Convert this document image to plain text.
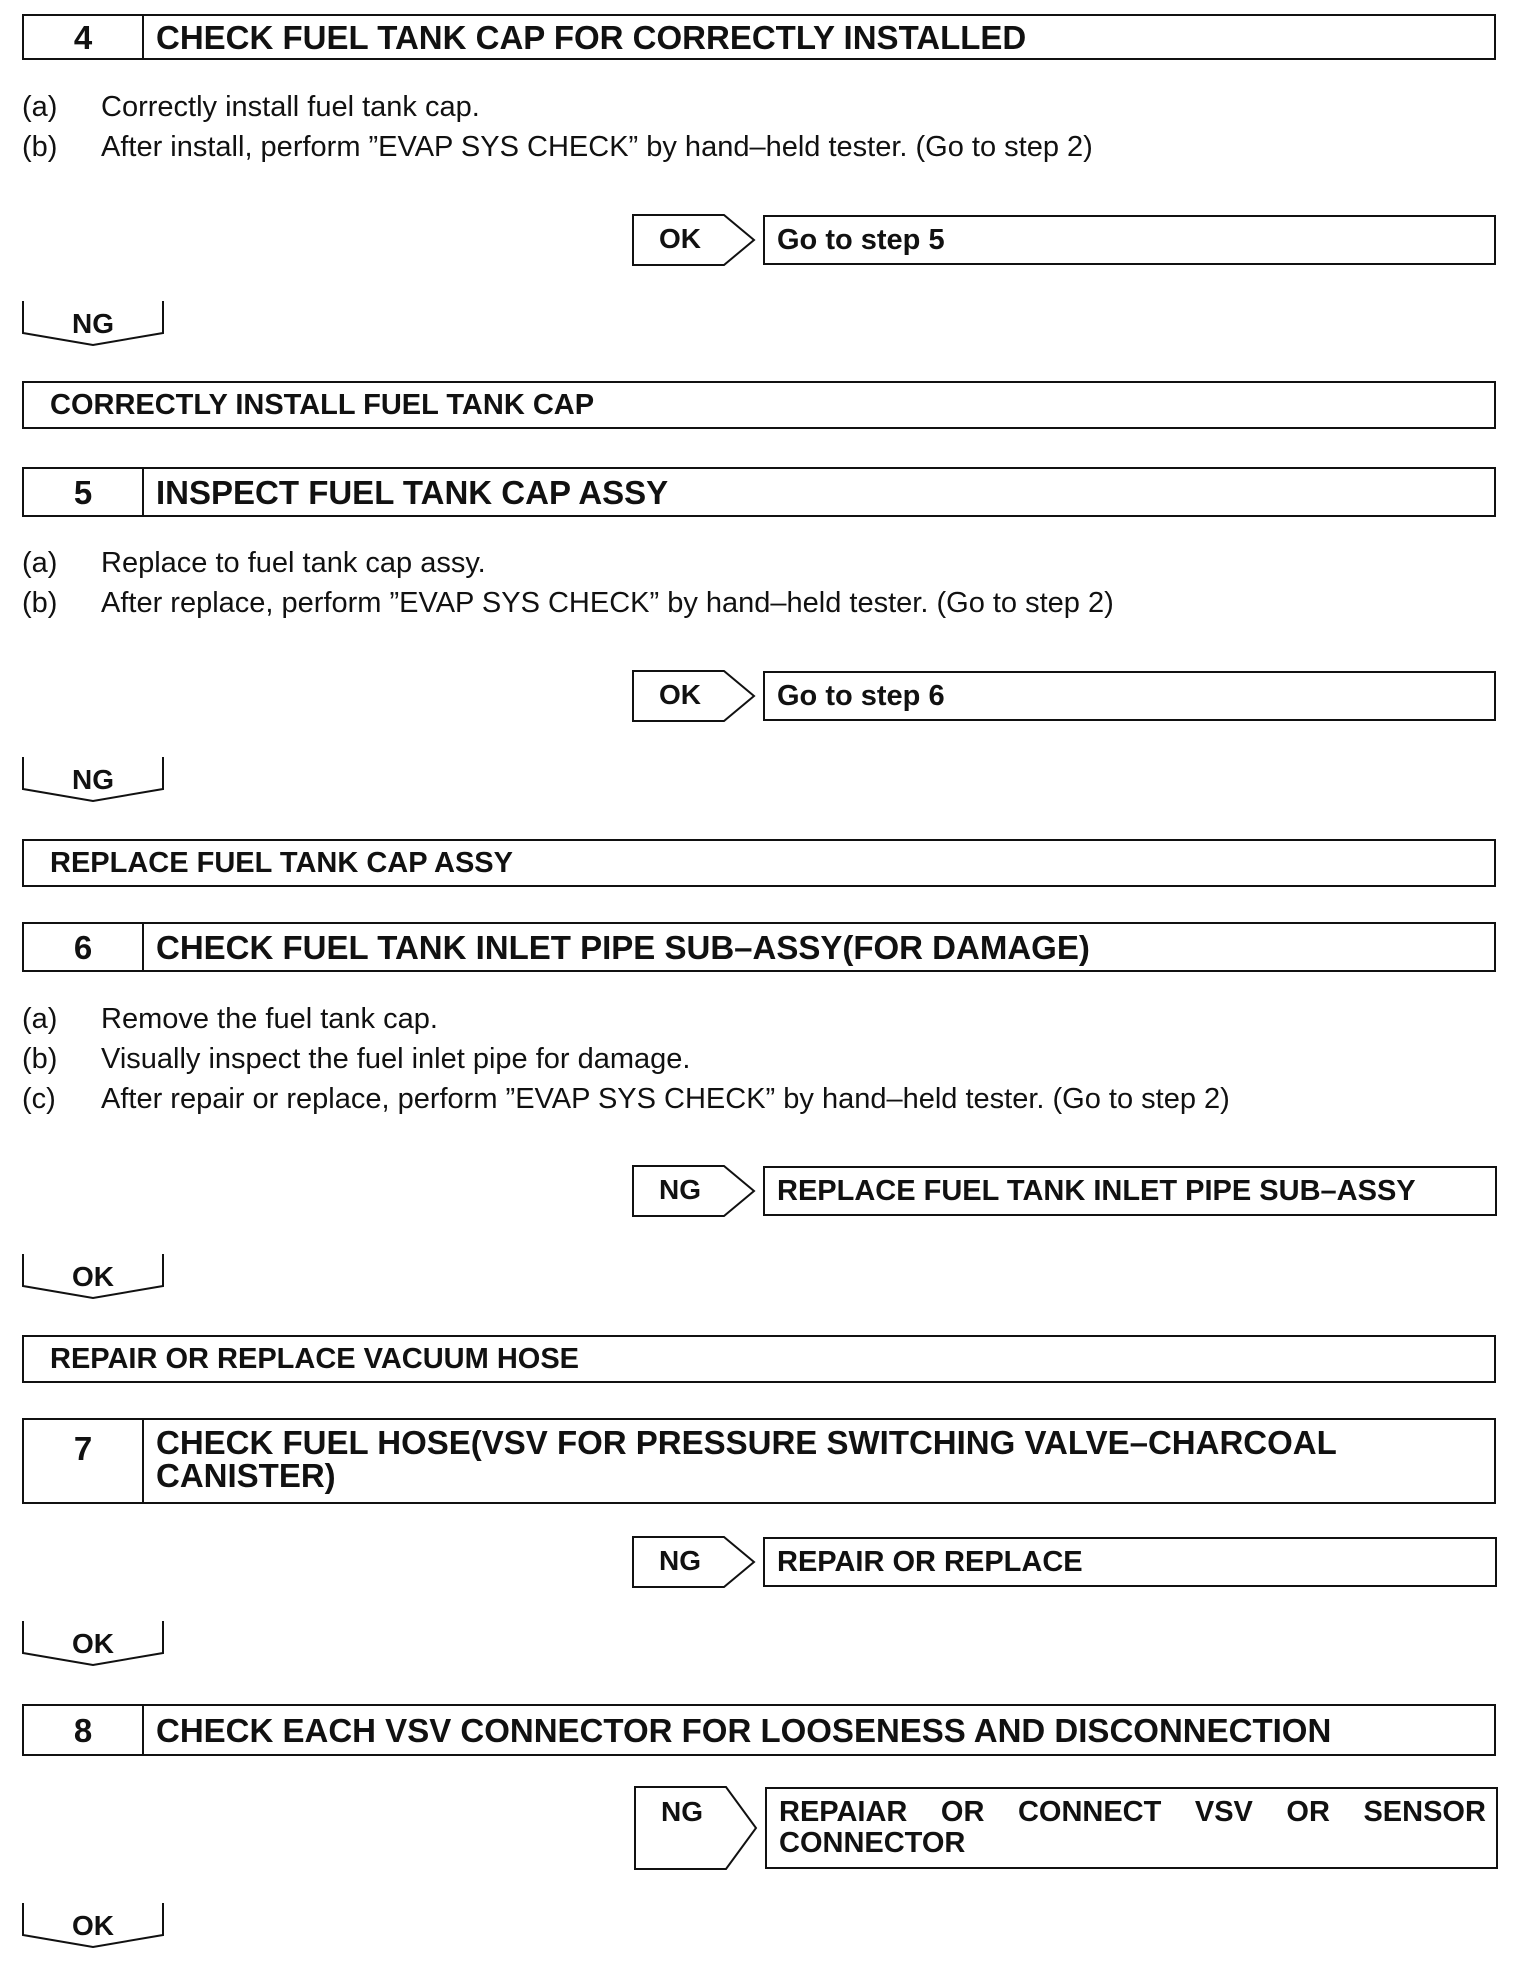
4	CHECK FUEL TANK CAP FOR CORRECTLY INSTALLED
(a) Correctly install fuel tank cap.
(b) After install, perform ”EVAP SYS CHECK” by hand–held tester. (Go to step 2)
OK	Go to step 5
NG
CORRECTLY INSTALL FUEL TANK CAP
5	INSPECT FUEL TANK CAP ASSY
(a) Replace to fuel tank cap assy.
(b) After replace, perform ”EVAP SYS CHECK” by hand–held tester. (Go to step 2)
OK	Go to step 6
NG
REPLACE FUEL TANK CAP ASSY
6	CHECK FUEL TANK INLET PIPE SUB–ASSY(FOR DAMAGE)
(a) Remove the fuel tank cap.
(b) Visually inspect the fuel inlet pipe for damage.
(c) After repair or replace, perform ”EVAP SYS CHECK” by hand–held tester. (Go to step 2)
NG	REPLACE FUEL TANK INLET PIPE SUB–ASSY
OK
REPAIR OR REPLACE VACUUM HOSE
7	CHECK FUEL HOSE(VSV FOR PRESSURE SWITCHING VALVE–CHARCOAL
CANISTER)
NG	REPAIR OR REPLACE
OK
8	CHECK EACH VSV CONNECTOR FOR LOOSENESS AND DISCONNECTION
NG	REPAIAR OR CONNECT VSV OR SENSOR
CONNECTOR
OK
